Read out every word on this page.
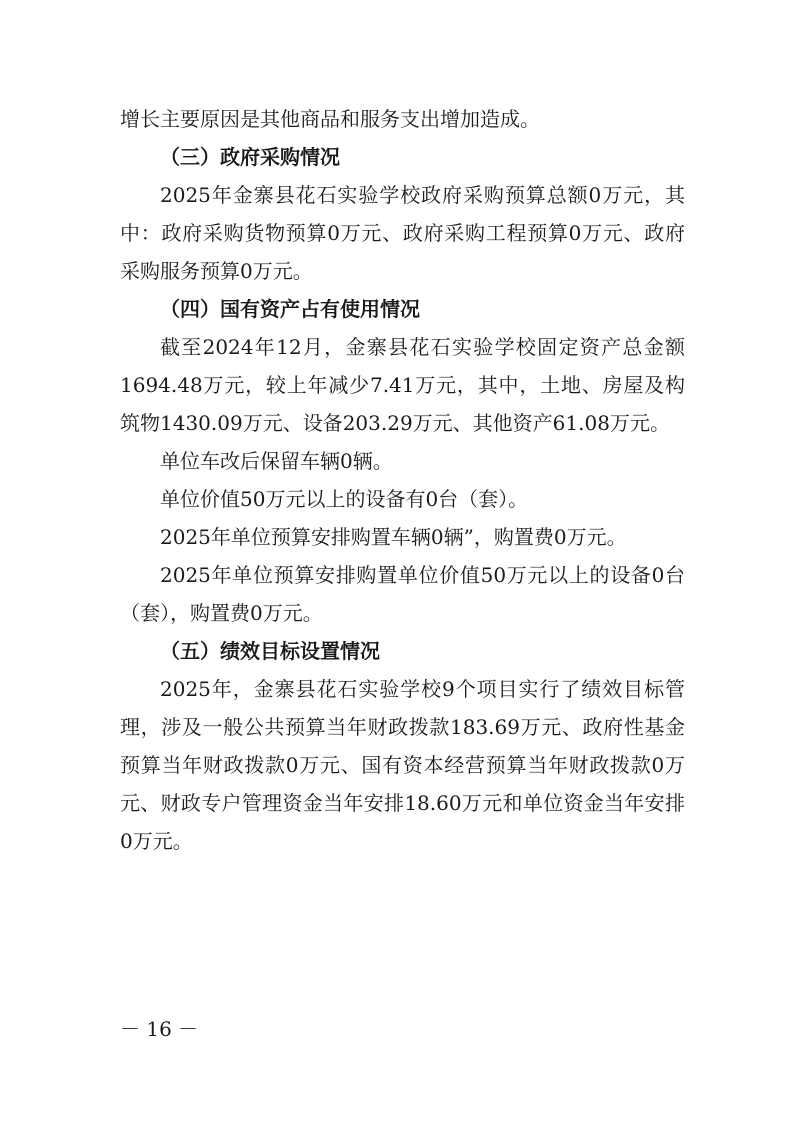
增长主要原因是其他商品和服务支出增加造成。

（三）政府采购情况

2025年金寨县花石实验学校政府采购预算总额0万元，其中：政府采购货物预算0万元、政府采购工程预算0万元、政府采购服务预算0万元。

（四）国有资产占有使用情况

截至2024年12月，金寨县花石实验学校固定资产总金额1694.48万元，较上年减少7.41万元，其中，土地、房屋及构筑物1430.09万元、设备203.29万元、其他资产61.08万元。

单位车改后保留车辆0辆。

单位价值50万元以上的设备有0台（套）。

2025年单位预算安排购置车辆0辆”，购置费0万元。

2025年单位预算安排购置单位价值50万元以上的设备0台（套），购置费0万元。

（五）绩效目标设置情况

2025年，金寨县花石实验学校9个项目实行了绩效目标管理，涉及一般公共预算当年财政拨款183.69万元、政府性基金预算当年财政拨款0万元、国有资本经营预算当年财政拨款0万元、财政专户管理资金当年安排18.60万元和单位资金当年安排0万元。

－ 16 －
